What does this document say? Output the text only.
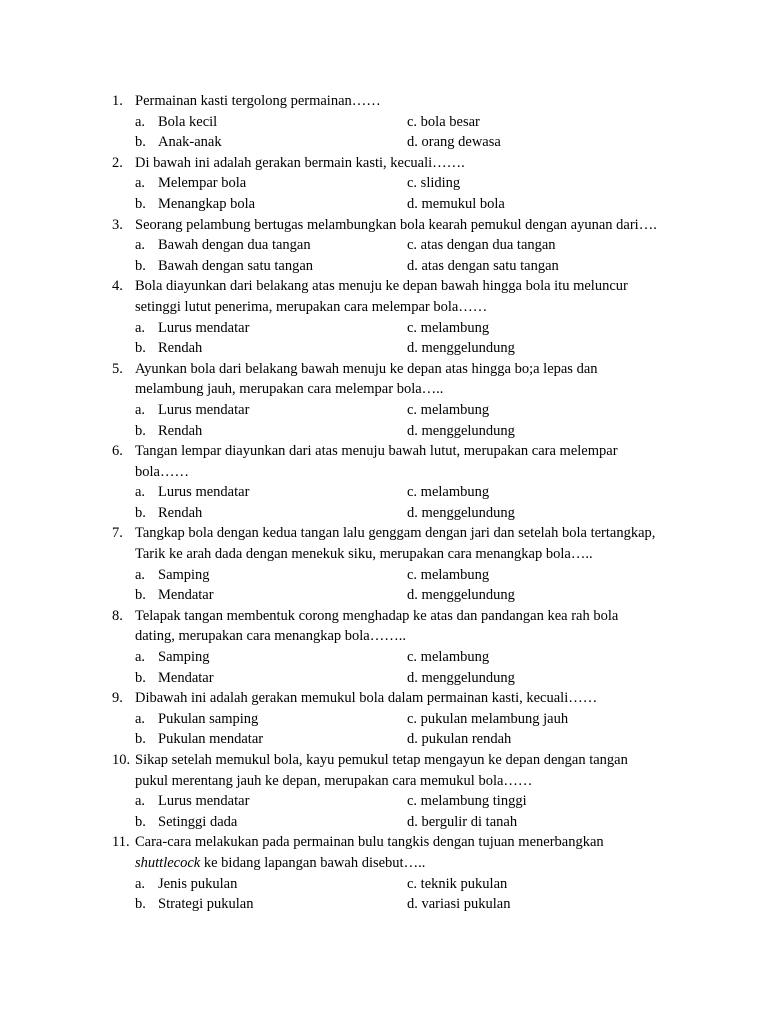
1. Permainan kasti tergolong permainan……
a. Bola kecil	c. bola besar
b. Anak-anak	d. orang dewasa
2. Di bawah ini adalah gerakan bermain kasti, kecuali…….
a. Melempar bola	c. sliding
b. Menangkap bola	d. memukul bola
3. Seorang pelambung bertugas melambungkan bola kearah pemukul dengan ayunan dari….
a. Bawah dengan dua tangan	c. atas dengan dua tangan
b. Bawah dengan satu tangan	d. atas dengan satu tangan
4. Bola diayunkan dari belakang atas menuju ke depan bawah hingga bola itu meluncur
setinggi lutut penerima, merupakan cara melempar bola……
a. Lurus mendatar	c. melambung
b. Rendah	d. menggelundung
5. Ayunkan bola dari belakang bawah menuju ke depan atas hingga bo;a lepas dan
melambung jauh, merupakan cara melempar bola…..
a. Lurus mendatar	c. melambung
b. Rendah	d. menggelundung
6. Tangan lempar diayunkan dari atas menuju bawah lutut, merupakan cara melempar
bola……
a. Lurus mendatar	c. melambung
b. Rendah	d. menggelundung
7. Tangkap bola dengan kedua tangan lalu genggam dengan jari dan setelah bola tertangkap,
Tarik ke arah dada dengan menekuk siku, merupakan cara menangkap bola…..
a. Samping	c. melambung
b. Mendatar	d. menggelundung
8. Telapak tangan membentuk corong menghadap ke atas dan pandangan kea rah bola
dating, merupakan cara menangkap bola……..
a. Samping	c. melambung
b. Mendatar	d. menggelundung
9. Dibawah ini adalah gerakan memukul bola dalam permainan kasti, kecuali……
a. Pukulan samping	c. pukulan melambung jauh
b. Pukulan mendatar	d. pukulan rendah
10. Sikap setelah memukul bola, kayu pemukul tetap mengayun ke depan dengan tangan
pukul merentang jauh ke depan, merupakan cara memukul bola……
a. Lurus mendatar	c. melambung tinggi
b. Setinggi dada	d. bergulir di tanah
11. Cara-cara melakukan pada permainan bulu tangkis dengan tujuan menerbangkan
shuttlecock ke bidang lapangan bawah disebut…..
a. Jenis pukulan	c. teknik pukulan
b. Strategi pukulan	d. variasi pukulan
